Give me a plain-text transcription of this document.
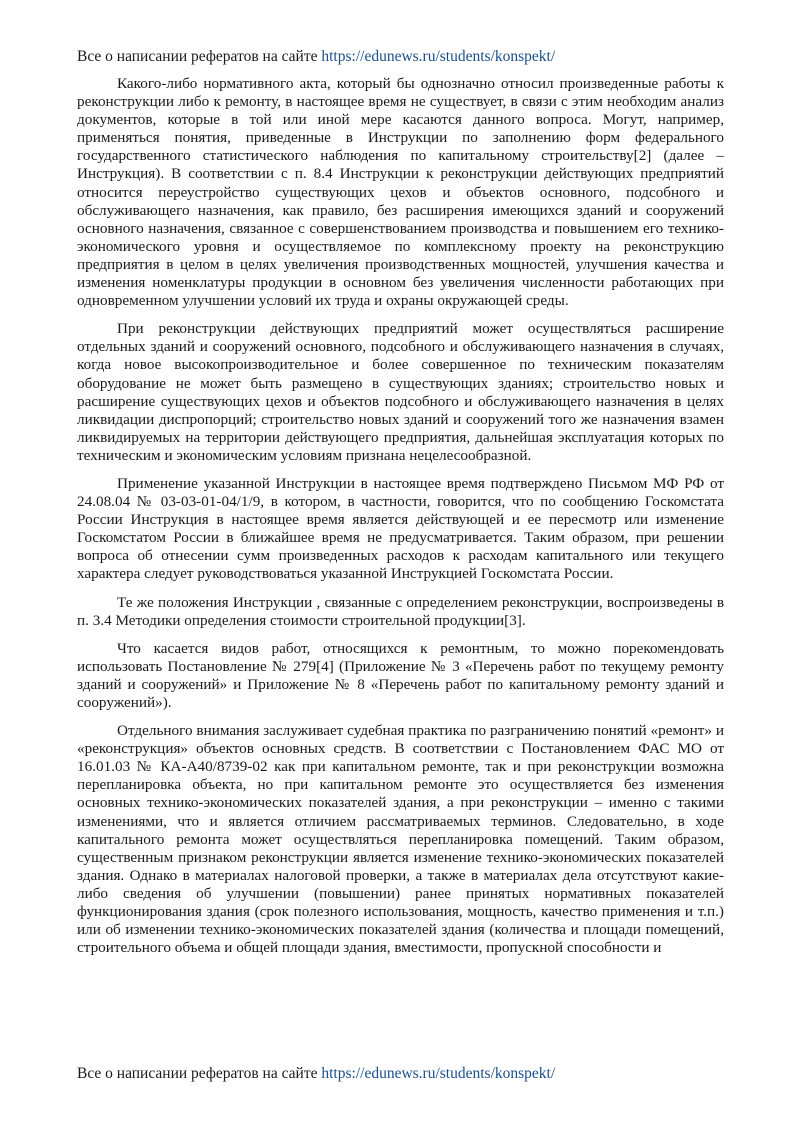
Все о написании рефератов на сайте https://edunews.ru/students/konspekt/

Какого-либо нормативного акта, который бы однозначно относил произведенные работы к реконструкции либо к ремонту, в настоящее время не существует, в связи с этим необходим анализ документов, которые в той или иной мере касаются данного вопроса. Могут, например, применяться понятия, приведенные в Инструкции по заполнению форм федерального государственного статистического наблюдения по капитальному строительству[2] (далее – Инструкция). В соответствии с п. 8.4 Инструкции к реконструкции действующих предприятий относится переустройство существующих цехов и объектов основного, подсобного и обслуживающего назначения, как правило, без расширения имеющихся зданий и сооружений основного назначения, связанное с совершенствованием производства и повышением его технико-экономического уровня и осуществляемое по комплексному проекту на реконструкцию предприятия в целом в целях увеличения производственных мощностей, улучшения качества и изменения номенклатуры продукции в основном без увеличения численности работающих при одновременном улучшении условий их труда и охраны окружающей среды.

При реконструкции действующих предприятий может осуществляться расширение отдельных зданий и сооружений основного, подсобного и обслуживающего назначения в случаях, когда новое высокопроизводительное и более совершенное по техническим показателям оборудование не может быть размещено в существующих зданиях; строительство новых и расширение существующих цехов и объектов подсобного и обслуживающего назначения в целях ликвидации диспропорций; строительство новых зданий и сооружений того же назначения взамен ликвидируемых на территории действующего предприятия, дальнейшая эксплуатация которых по техническим и экономическим условиям признана нецелесообразной.

Применение указанной Инструкции в настоящее время подтверждено Письмом МФ РФ от 24.08.04 № 03-03-01-04/1/9, в котором, в частности, говорится, что по сообщению Госкомстата России Инструкция в настоящее время является действующей и ее пересмотр или изменение Госкомстатом России в ближайшее время не предусматривается. Таким образом, при решении вопроса об отнесении сумм произведенных расходов к расходам капитального или текущего характера следует руководствоваться указанной Инструкцией Госкомстата России.

Те же положения Инструкции , связанные с определением реконструкции, воспроизведены в п. 3.4 Методики определения стоимости строительной продукции[3].

Что касается видов работ, относящихся к ремонтным, то можно порекомендовать использовать Постановление № 279[4] (Приложение № 3 «Перечень работ по текущему ремонту зданий и сооружений» и Приложение № 8 «Перечень работ по капитальному ремонту зданий и сооружений»).

Отдельного внимания заслуживает судебная практика по разграничению понятий «ремонт» и «реконструкция» объектов основных средств. В соответствии с Постановлением ФАС МО от 16.01.03 № КА-А40/8739-02 как при капитальном ремонте, так и при реконструкции возможна перепланировка объекта, но при капитальном ремонте это осуществляется без изменения основных технико-экономических показателей здания, а при реконструкции – именно с такими изменениями, что и является отличием рассматриваемых терминов. Следовательно, в ходе капитального ремонта может осуществляться перепланировка помещений. Таким образом, существенным признаком реконструкции является изменение технико-экономических показателей здания. Однако в материалах налоговой проверки, а также в материалах дела отсутствуют какие-либо сведения об улучшении (повышении) ранее принятых нормативных показателей функционирования здания (срок полезного использования, мощность, качество применения и т.п.) или об изменении технико-экономических показателей здания (количества и площади помещений, строительного объема и общей площади здания, вместимости, пропускной способности и

Все о написании рефератов на сайте https://edunews.ru/students/konspekt/
